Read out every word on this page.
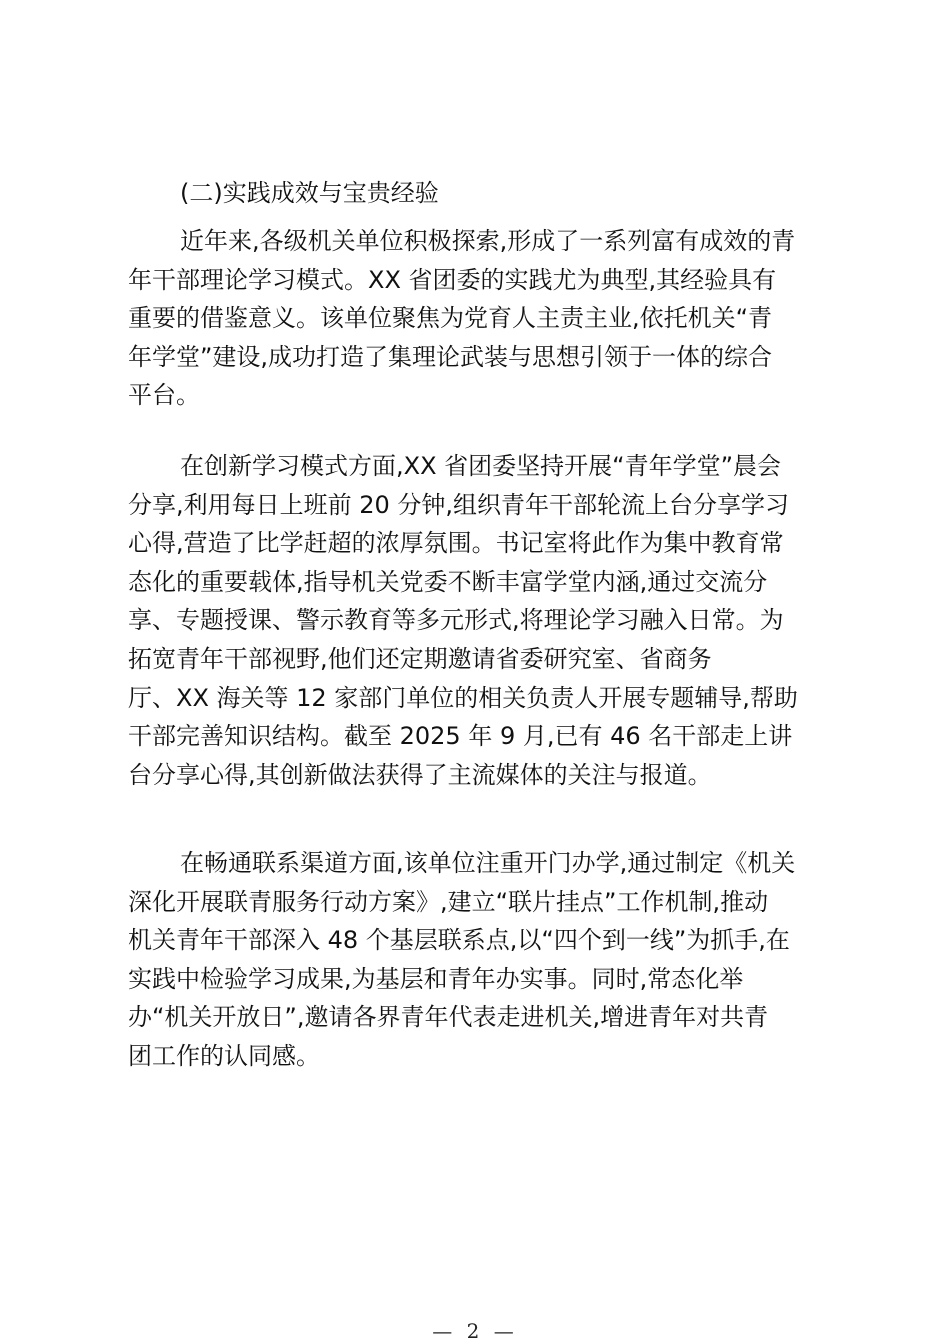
(二)实践成效与宝贵经验
近年来,各级机关单位积极探索,形成了一系列富有成效的青
年干部理论学习模式。XX 省团委的实践尤为典型,其经验具有
重要的借鉴意义。该单位聚焦为党育人主责主业,依托机关“青
年学堂”建设,成功打造了集理论武装与思想引领于一体的综合
平台。
在创新学习模式方面,XX 省团委坚持开展“青年学堂”晨会
分享,利用每日上班前 20 分钟,组织青年干部轮流上台分享学习
心得,营造了比学赶超的浓厚氛围。书记室将此作为集中教育常
态化的重要载体,指导机关党委不断丰富学堂内涵,通过交流分
享、专题授课、警示教育等多元形式,将理论学习融入日常。为
拓宽青年干部视野,他们还定期邀请省委研究室、省商务
厅、XX 海关等 12 家部门单位的相关负责人开展专题辅导,帮助
干部完善知识结构。截至 2025 年 9 月,已有 46 名干部走上讲
台分享心得,其创新做法获得了主流媒体的关注与报道。
在畅通联系渠道方面,该单位注重开门办学,通过制定《机关
深化开展联青服务行动方案》,建立“联片挂点”工作机制,推动
机关青年干部深入 48 个基层联系点,以“四个到一线”为抓手,在
实践中检验学习成果,为基层和青年办实事。同时,常态化举
办“机关开放日”,邀请各界青年代表走进机关,增进青年对共青
团工作的认同感。
— 2 —
